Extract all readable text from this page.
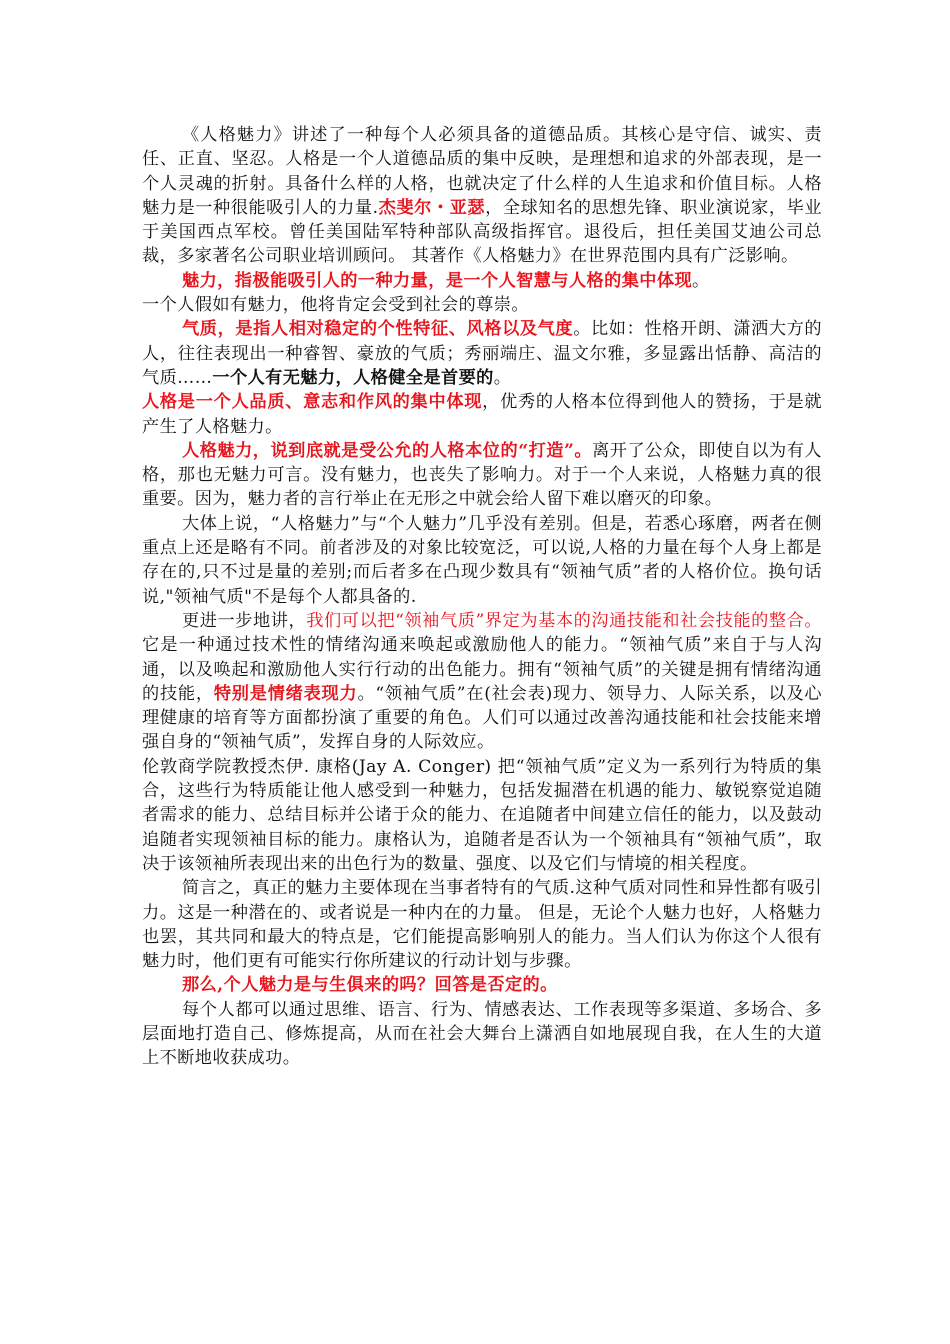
《人格魅力》讲述了一种每个人必须具备的道德品质。其核心是守信、诚实、责任、正直、坚忍。人格是一个人道德品质的集中反映，是理想和追求的外部表现，是一个人灵魂的折射。具备什么样的人格，也就决定了什么样的人生追求和价值目标。人格魅力是一种很能吸引人的力量.杰斐尔・亚瑟，全球知名的思想先锋、职业演说家，毕业于美国西点军校。曾任美国陆军特种部队高级指挥官。退役后，担任美国艾迪公司总裁，多家著名公司职业培训顾问。 其著作《人格魅力》在世界范围内具有广泛影响。

魅力，指极能吸引人的一种力量，是一个人智慧与人格的集中体现。

一个人假如有魅力，他将肯定会受到社会的尊崇。

气质，是指人相对稳定的个性特征、风格以及气度。比如：性格开朗、潇洒大方的人，往往表现出一种睿智、豪放的气质；秀丽端庄、温文尔雅，多显露出恬静、高洁的气质……一个人有无魅力，人格健全是首要的。

人格是一个人品质、意志和作风的集中体现，优秀的人格本位得到他人的赞扬，于是就产生了人格魅力。

人格魅力，说到底就是受公允的人格本位的“打造”。离开了公众，即使自以为有人格，那也无魅力可言。没有魅力，也丧失了影响力。对于一个人来说，人格魅力真的很重要。因为，魅力者的言行举止在无形之中就会给人留下难以磨灭的印象。

大体上说，“人格魅力”与“个人魅力”几乎没有差别。但是，若悉心琢磨，两者在侧重点上还是略有不同。前者涉及的对象比较宽泛，可以说,人格的力量在每个人身上都是存在的,只不过是量的差别;而后者多在凸现少数具有“领袖气质”者的人格价位。换句话说,"领袖气质"不是每个人都具备的.

更进一步地讲，我们可以把“领袖气质”界定为基本的沟通技能和社会技能的整合。它是一种通过技术性的情绪沟通来唤起或激励他人的能力。“领袖气质”来自于与人沟通，以及唤起和激励他人实行行动的出色能力。拥有“领袖气质”的关键是拥有情绪沟通的技能，特别是情绪表现力。“领袖气质”在(社会表)现力、领导力、人际关系，以及心理健康的培育等方面都扮演了重要的角色。人们可以通过改善沟通技能和社会技能来增强自身的“领袖气质”，发挥自身的人际效应。

伦敦商学院教授杰伊. 康格(Jay A. Conger) 把“领袖气质”定义为一系列行为特质的集合，这些行为特质能让他人感受到一种魅力，包括发掘潜在机遇的能力、敏锐察觉追随者需求的能力、总结目标并公诸于众的能力、在追随者中间建立信任的能力，以及鼓动追随者实现领袖目标的能力。康格认为，追随者是否认为一个领袖具有“领袖气质”，取决于该领袖所表现出来的出色行为的数量、强度、以及它们与情境的相关程度。

简言之，真正的魅力主要体现在当事者特有的气质.这种气质对同性和异性都有吸引力。这是一种潜在的、或者说是一种内在的力量。 但是，无论个人魅力也好，人格魅力也罢，其共同和最大的特点是，它们能提高影响别人的能力。当人们认为你这个人很有魅力时，他们更有可能实行你所建议的行动计划与步骤。

那么,个人魅力是与生俱来的吗？回答是否定的。

每个人都可以通过思维、语言、行为、情感表达、工作表现等多渠道、多场合、多层面地打造自己、修炼提高，从而在社会大舞台上潇洒自如地展现自我，在人生的大道上不断地收获成功。
